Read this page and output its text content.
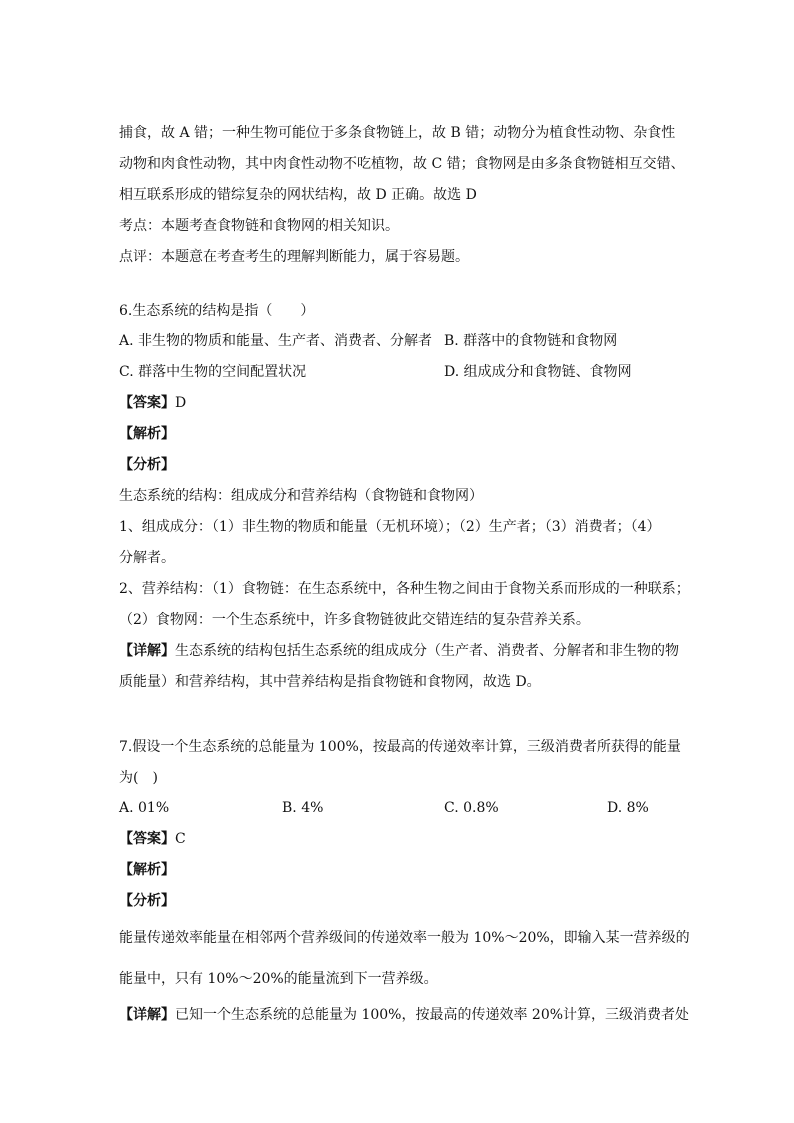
捕食，故 A 错；一种生物可能位于多条食物链上，故 B 错；动物分为植食性动物、杂食性
动物和肉食性动物，其中肉食性动物不吃植物，故 C 错；食物网是由多条食物链相互交错、
相互联系形成的错综复杂的网状结构，故 D 正确。故选 D
考点：本题考查食物链和食物网的相关知识。
点评：本题意在考查考生的理解判断能力，属于容易题。
6.生态系统的结构是指（　　）
A. 非生物的物质和能量、生产者、消费者、分解者 B. 群落中的食物链和食物网
C. 群落中生物的空间配置状况	D. 组成成分和食物链、食物网
【答案】D
【解析】
【分析】
生态系统的结构：组成成分和营养结构（食物链和食物网）
1、组成成分：（1）非生物的物质和能量（无机环境）；（2）生产者；（3）消费者；（4）
分解者。
2、营养结构：（1）食物链：在生态系统中，各种生物之间由于食物关系而形成的一种联系；
（2）食物网：一个生态系统中，许多食物链彼此交错连结的复杂营养关系。
【详解】生态系统的结构包括生态系统的组成成分（生产者、消费者、分解者和非生物的物
质能量）和营养结构，其中营养结构是指食物链和食物网，故选 D。
7.假设一个生态系统的总能量为 100%，按最高的传递效率计算，三级消费者所获得的能量
为(　)
A. 01%	B. 4%	C. 0.8%	D. 8%
【答案】C
【解析】
【分析】
能量传递效率能量在相邻两个营养级间的传递效率一般为 10%～20%，即输入某一营养级的
能量中，只有 10%～20%的能量流到下一营养级。
【详解】已知一个生态系统的总能量为 100%，按最高的传递效率 20%计算，三级消费者处
